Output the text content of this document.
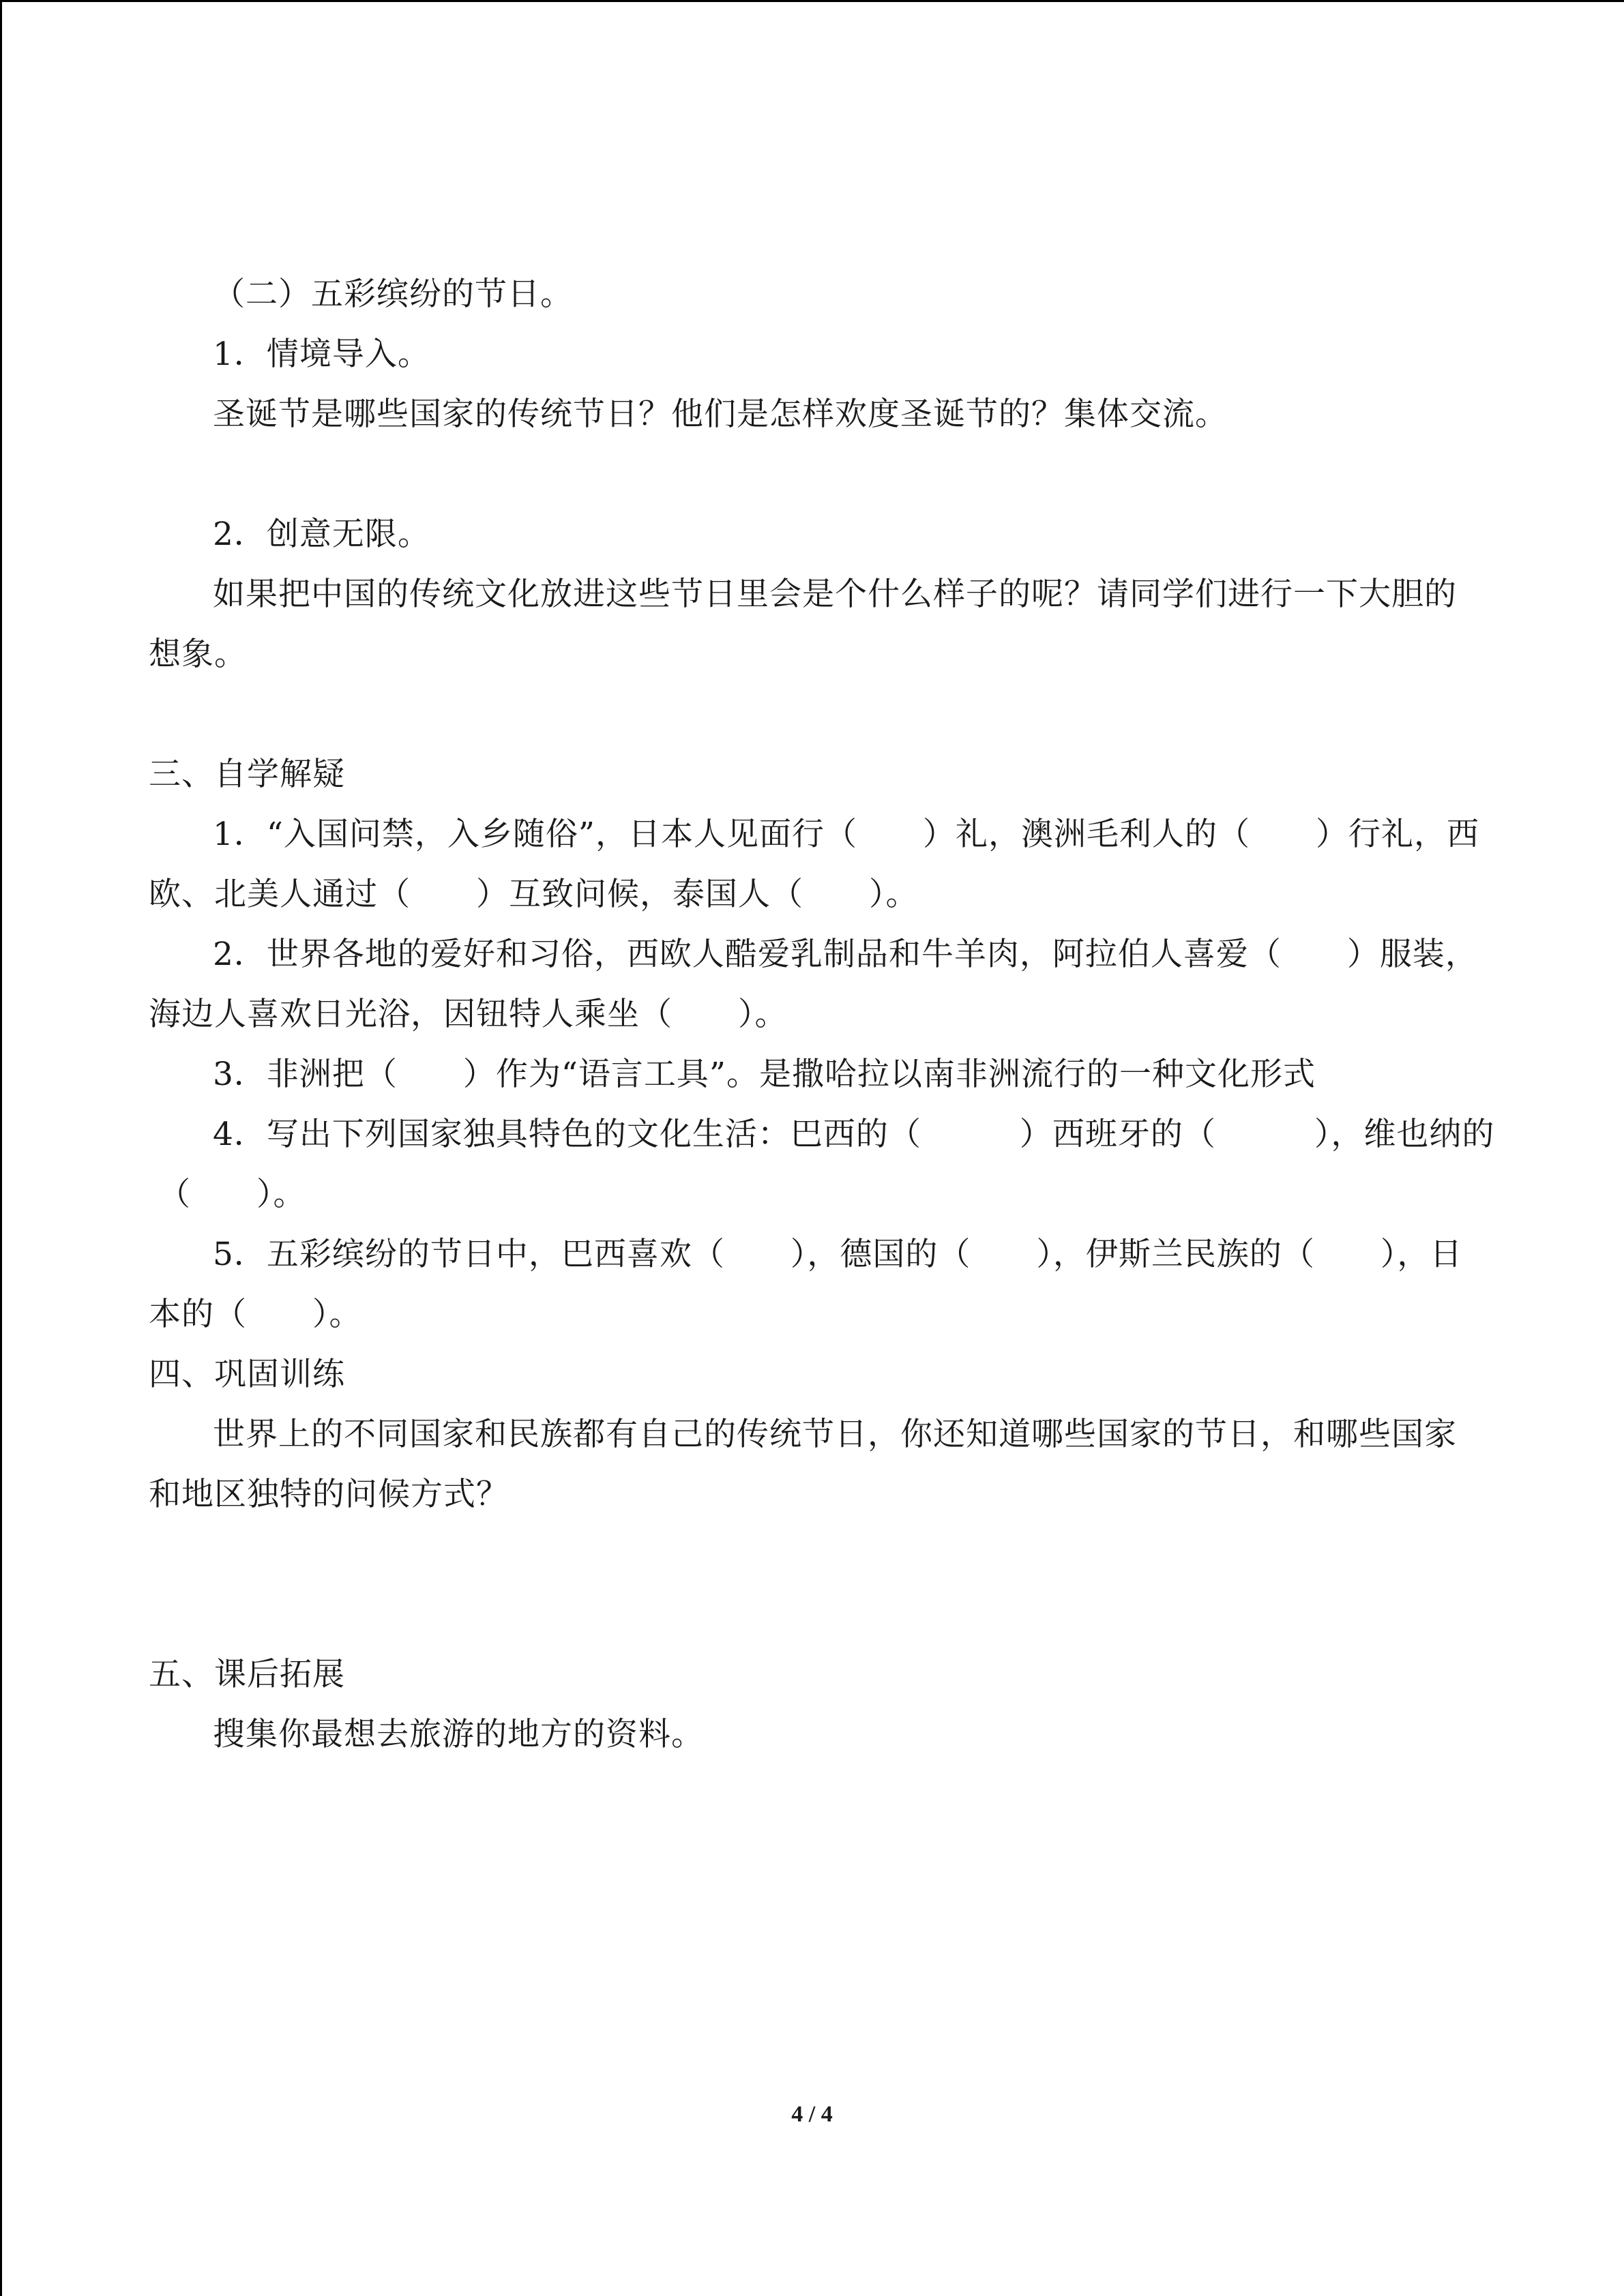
（二）五彩缤纷的节日。
1．情境导入。
圣诞节是哪些国家的传统节日？他们是怎样欢度圣诞节的？集体交流。
2．创意无限。
如果把中国的传统文化放进这些节日里会是个什么样子的呢？请同学们进行一下大胆的
想象。
三、自学解疑
1．“入国问禁，入乡随俗”，日本人见面行（　　）礼，澳洲毛利人的（　　）行礼，西
欧、北美人通过（　　）互致问候，泰国人（　　）。
2．世界各地的爱好和习俗，西欧人酷爱乳制品和牛羊肉，阿拉伯人喜爱（　　）服装，
海边人喜欢日光浴，因钮特人乘坐（　　）。
3．非洲把（　　）作为“语言工具”。是撒哈拉以南非洲流行的一种文化形式
4．写出下列国家独具特色的文化生活：巴西的（　　　）西班牙的（　　　），维也纳的
（　　）。
5．五彩缤纷的节日中，巴西喜欢（　　），德国的（　　），伊斯兰民族的（　　），日
本的（　　）。
四、巩固训练
世界上的不同国家和民族都有自己的传统节日，你还知道哪些国家的节日，和哪些国家
和地区独特的问候方式？
五、课后拓展
搜集你最想去旅游的地方的资料。
4 / 4
